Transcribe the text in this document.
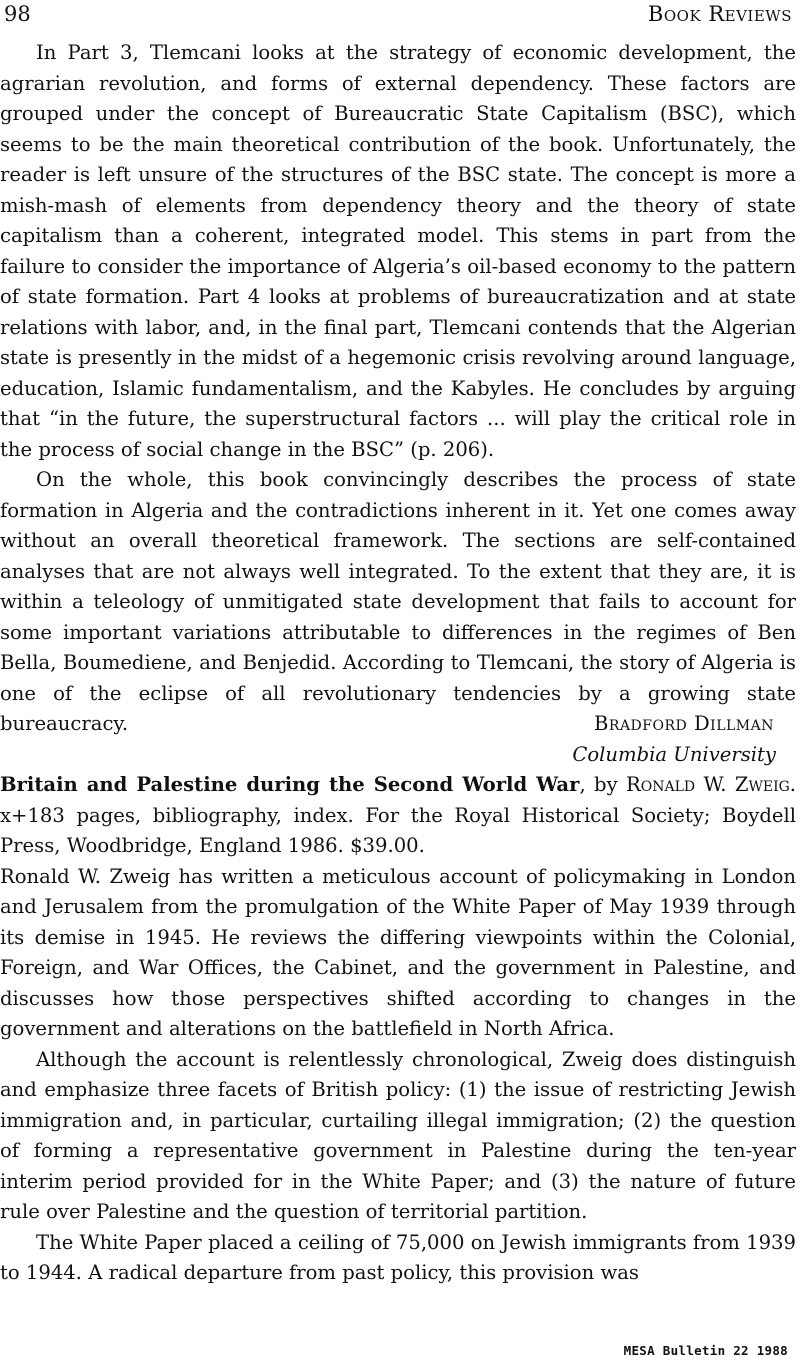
98	Book Reviews

In Part 3, Tlemcani looks at the strategy of economic development, the agrarian revolution, and forms of external dependency. These factors are grouped under the concept of Bureaucratic State Capitalism (BSC), which seems to be the main theoretical contribution of the book. Unfortunately, the reader is left unsure of the structures of the BSC state. The concept is more a mish-mash of elements from dependency theory and the theory of state capitalism than a coherent, integrated model. This stems in part from the failure to consider the importance of Algeria’s oil-based economy to the pattern of state formation. Part 4 looks at problems of bureaucratization and at state relations with labor, and, in the final part, Tlemcani contends that the Algerian state is presently in the midst of a hegemonic crisis revolving around language, education, Islamic fundamentalism, and the Kabyles. He concludes by arguing that “in the future, the superstructural factors ... will play the critical role in the process of social change in the BSC” (p. 206).

On the whole, this book convincingly describes the process of state formation in Algeria and the contradictions inherent in it. Yet one comes away without an overall theoretical framework. The sections are self-contained analyses that are not always well integrated. To the extent that they are, it is within a teleology of unmitigated state development that fails to account for some important variations attributable to differences in the regimes of Ben Bella, Boumediene, and Benjedid. According to Tlemcani, the story of Algeria is one of the eclipse of all revolutionary tendencies by a growing state bureaucracy.	Bradford Dillman
Columbia University

Britain and Palestine during the Second World War, by Ronald W. Zweig. x+183 pages, bibliography, index. For the Royal Historical Society; Boydell Press, Woodbridge, England 1986. $39.00.

Ronald W. Zweig has written a meticulous account of policymaking in London and Jerusalem from the promulgation of the White Paper of May 1939 through its demise in 1945. He reviews the differing viewpoints within the Colonial, Foreign, and War Offices, the Cabinet, and the government in Palestine, and discusses how those perspectives shifted according to changes in the government and alterations on the battlefield in North Africa.

Although the account is relentlessly chronological, Zweig does distinguish and emphasize three facets of British policy: (1) the issue of restricting Jewish immigration and, in particular, curtailing illegal immigration; (2) the question of forming a representative government in Palestine during the ten-year interim period provided for in the White Paper; and (3) the nature of future rule over Palestine and the question of territorial partition.

The White Paper placed a ceiling of 75,000 on Jewish immigrants from 1939 to 1944. A radical departure from past policy, this provision was

MESA Bulletin 22 1988
